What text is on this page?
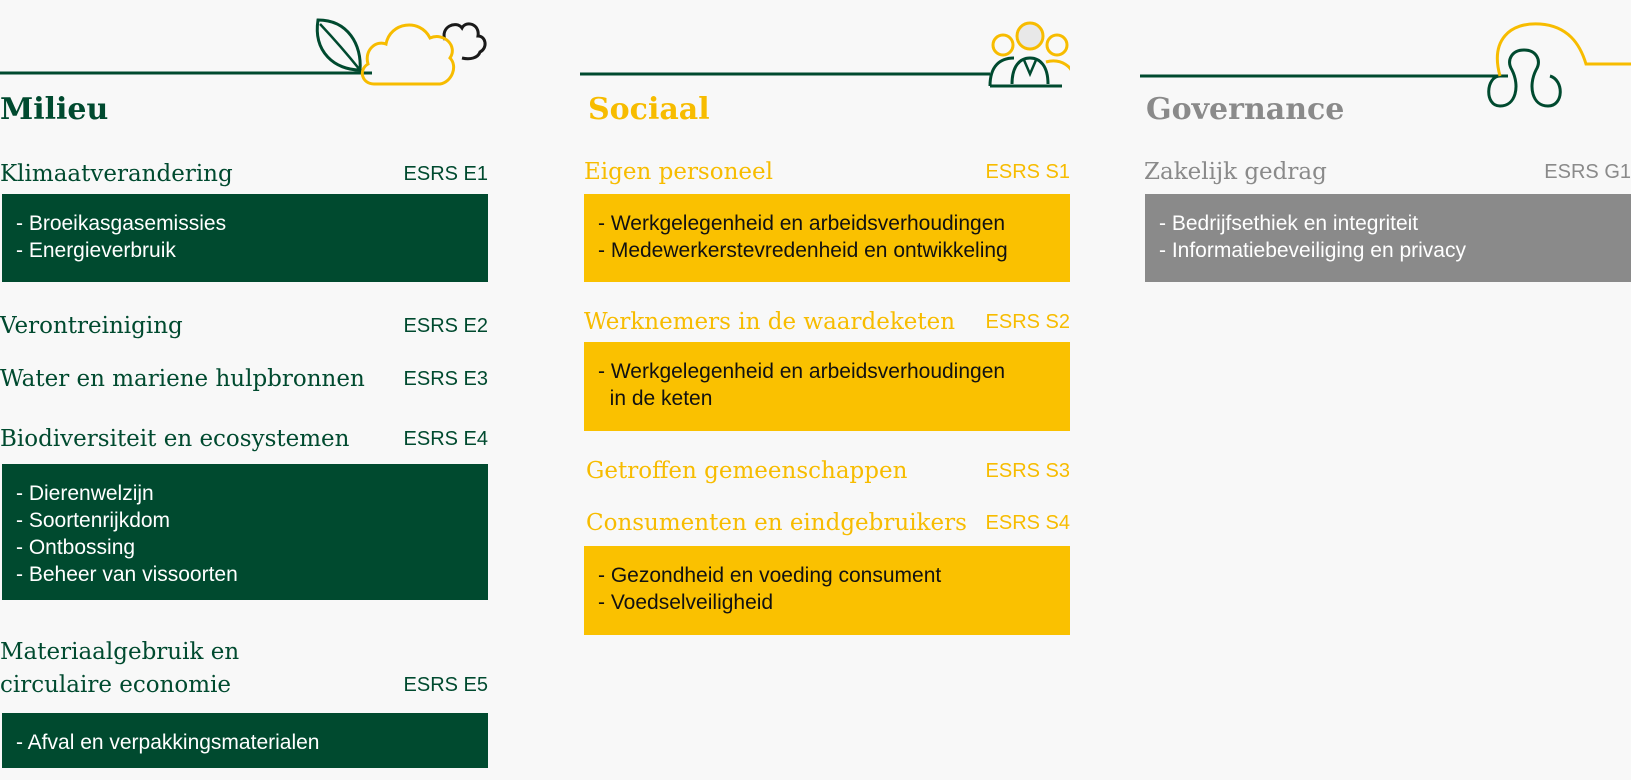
Milieu
Klimaatverandering	ESRS E1
- Broeikasgasemissies
- Energieverbruik
Verontreiniging	ESRS E2
Water en mariene hulpbronnen ESRS E3
Biodiversiteit en ecosystemen	ESRS E4
- Dierenwelzijn
- Soortenrijkdom
- Ontbossing
- Beheer van vissoorten
Materiaalgebruik en
circulaire economie	ESRS E5
- Afval en verpakkingsmaterialen
Sociaal
Eigen personeel	ESRS S1
- Werkgelegenheid en arbeidsverhoudingen
- Medewerkerstevredenheid en ontwikkeling
Werknemers in de waardeketen ESRS S2
- Werkgelegenheid en arbeidsverhoudingen
in de keten
Getroffen gemeenschappen	ESRS S3
Consumenten en eindgebruikers ESRS S4
- Gezondheid en voeding consument
- Voedselveiligheid
Governance
Zakelijk gedrag	ESRS G1
- Bedrijfsethiek en integriteit
- Informatiebeveiliging en privacy
